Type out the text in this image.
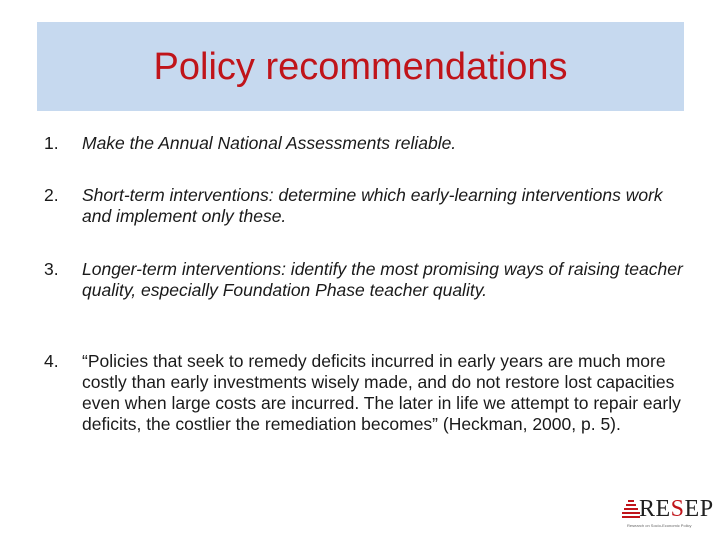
Policy recommendations
1. Make the Annual National Assessments reliable.
2. Short-term interventions: determine which early-learning interventions work and implement only these.
3. Longer-term interventions: identify the most promising ways of raising teacher quality, especially Foundation Phase teacher quality.
4. “Policies that seek to remedy deficits incurred in early years are much more costly than early investments wisely made, and do not restore lost capacities even when large costs are incurred. The later in life we attempt to repair early deficits, the costlier the remediation becomes” (Heckman, 2000, p. 5).
RESEP
Research on Socio-Economic Policy
